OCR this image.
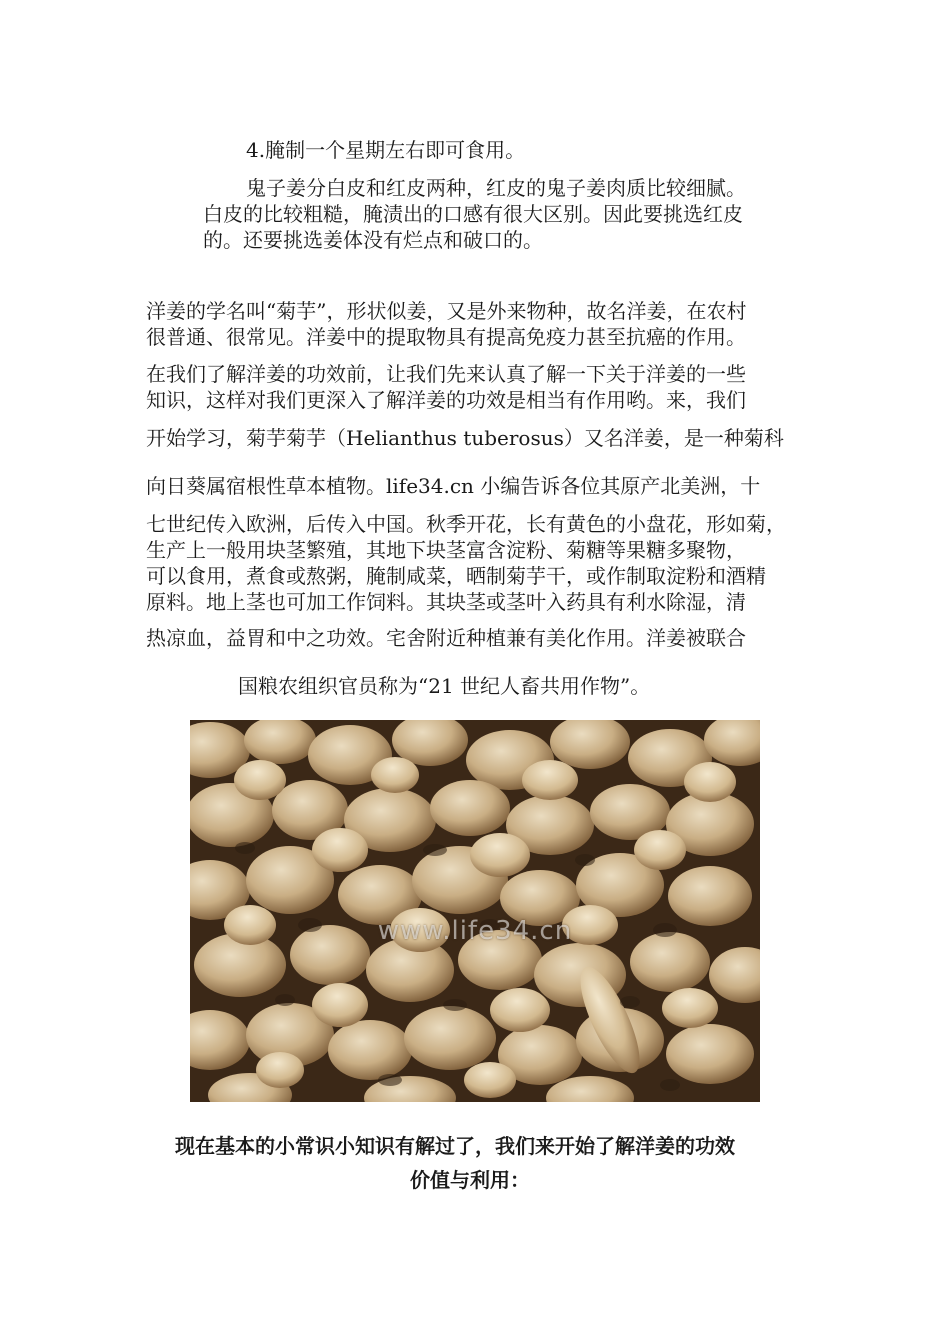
4.腌制一个星期左右即可食用。
鬼子姜分白皮和红皮两种，红皮的鬼子姜肉质比较细腻。
白皮的比较粗糙，腌渍出的口感有很大区别。因此要挑选红皮
的。还要挑选姜体没有烂点和破口的。
洋姜的学名叫“菊芋”，形状似姜，又是外来物种，故名洋姜，在农村
很普通、很常见。洋姜中的提取物具有提高免疫力甚至抗癌的作用。
在我们了解洋姜的功效前，让我们先来认真了解一下关于洋姜的一些
知识，这样对我们更深入了解洋姜的功效是相当有作用哟。来，我们
开始学习，菊芋菊芋（Helianthus tuberosus）又名洋姜，是一种菊科
向日葵属宿根性草本植物。life34.cn 小编告诉各位其原产北美洲，十
七世纪传入欧洲，后传入中国。秋季开花，长有黄色的小盘花，形如菊，
生产上一般用块茎繁殖，其地下块茎富含淀粉、菊糖等果糖多聚物，
可以食用，煮食或熬粥，腌制咸菜，晒制菊芋干，或作制取淀粉和酒精
原料。地上茎也可加工作饲料。其块茎或茎叶入药具有利水除湿，清
热凉血，益胃和中之功效。宅舍附近种植兼有美化作用。洋姜被联合
国粮农组织官员称为“21 世纪人畜共用作物”。
www.life34.cn
现在基本的小常识小知识有解过了，我们来开始了解洋姜的功效
价值与利用：
